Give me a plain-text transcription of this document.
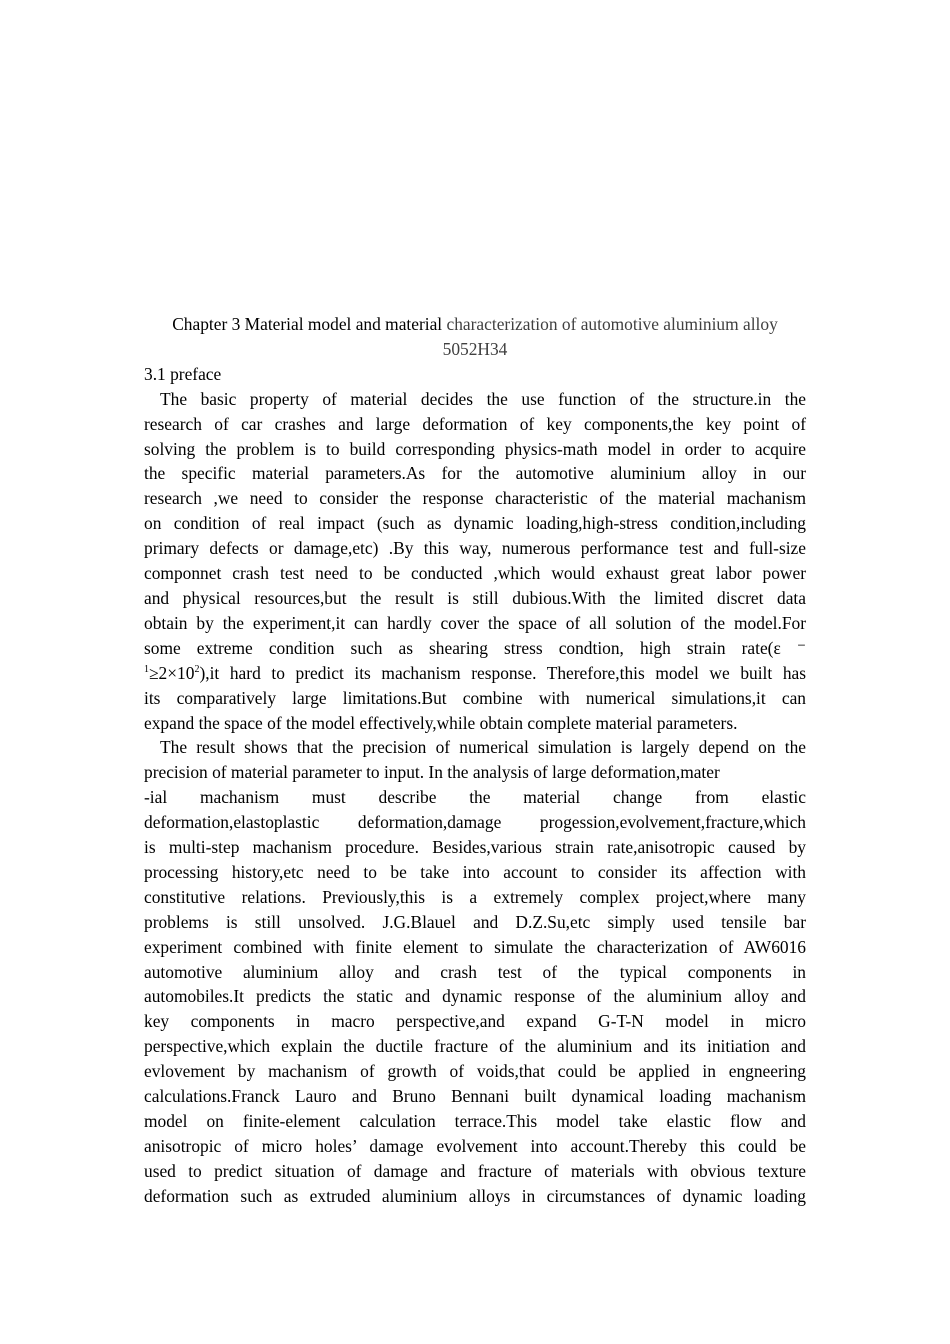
Chapter 3 Material model and material characterization of automotive aluminium alloy 5052H34

3.1 preface

The basic property of material decides the use function of the structure.in the
research of car crashes and large deformation of key components,the key point of
solving the problem is to build corresponding physics-math model in order to acquire
the specific material parameters.As for the automotive aluminium alloy in our
research ,we need to consider the response characteristic of the material machanism
on condition of real impact (such as dynamic loading,high-stress condition,including
primary defects or damage,etc) .By this way, numerous performance test and full-size
componnet crash test need to be conducted ,which would exhaust great labor power
and physical resources,but the result is still dubious.With the limited discret data
obtain by the experiment,it can hardly cover the space of all solution of the model.For
some extreme condition such as shearing stress condtion, high strain rate(ε ⁻
$^1\ge 2\times 10^2),it$ hard to predict its machanism response. Therefore,this model we built has
its comparatively large limitations.But combine with numerical simulations,it can
expand the space of the model effectively,while obtain complete material parameters.
The result shows that the precision of numerical simulation is largely depend on the
precision of material parameter to input. In the analysis of large deformation,mater
-ial machanism must describe the material change from elastic
deformation,elastoplastic deformation,damage progession,evolvement,fracture,which
is multi-step machanism procedure. Besides,various strain rate,anisotropic caused by
processing history,etc need to be take into account to consider its affection with
constitutive relations. Previously,this is a extremely complex project,where many
problems is still unsolved. J.G.Blauel and D.Z.Su,etc simply used tensile bar
experiment combined with finite element to simulate the characterization of AW6016
automotive aluminium alloy and crash test of the typical components in
automobiles.It predicts the static and dynamic response of the aluminium alloy and
key components in macro perspective,and expand G-T-N model in micro
perspective,which explain the ductile fracture of the aluminium and its initiation and
evlovement by machanism of growth of voids,that could be applied in engneering
calculations.Franck Lauro and Bruno Bennani built dynamical loading machanism
model on finite-element calculation terrace.This model take elastic flow and
anisotropic of micro holes’ damage evolvement into account.Thereby this could be
used to predict situation of damage and fracture of materials with obvious texture
deformation such as extruded aluminium alloys in circumstances of dynamic loading
